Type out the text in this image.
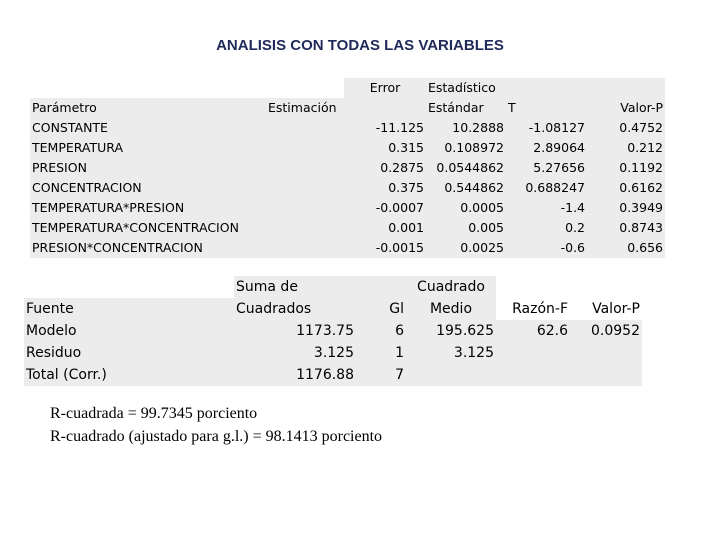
ANALISIS CON TODAS LAS VARIABLES
		Error	Estadístico		
Parámetro	Estimación		Estándar	T	Valor-P
CONSTANTE		-11.125	10.2888	-1.08127	0.4752
TEMPERATURA		0.315	0.108972	2.89064	0.212
PRESION		0.2875	0.0544862	5.27656	0.1192
CONCENTRACION		0.375	0.544862	0.688247	0.6162
TEMPERATURA*PRESION		-0.0007	0.0005	-1.4	0.3949
TEMPERATURA*CONCENTRACION		0.001	0.005	0.2	0.8743
PRESION*CONCENTRACION		-0.0015	0.0025	-0.6	0.656
	Suma de		Cuadrado		
Fuente	Cuadrados	Gl	Medio	Razón-F	Valor-P
Modelo	1173.75	6	195.625	62.6	0.0952
Residuo	3.125	1	3.125		
Total (Corr.)	1176.88	7			
R-cuadrada = 99.7345 porciento
R-cuadrado (ajustado para g.l.) = 98.1413 porciento
